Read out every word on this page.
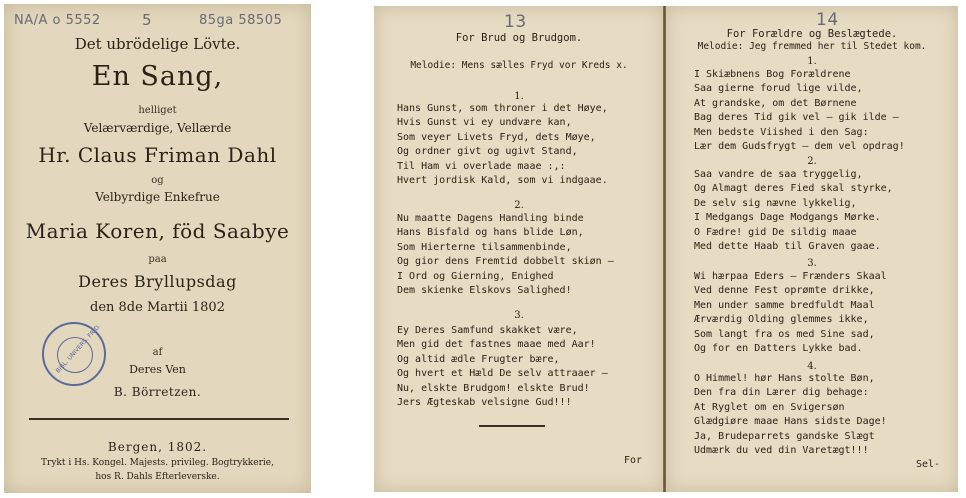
NA/A o 5552	5	85ga 58505
Det ubrödelige Lövte.
En Sang,
helliget
Velærværdige, Vellærde
Hr. Claus Friman Dahl
og
Velbyrdige Enkefrue
Maria Koren, föd Saabye
paa
Deres Bryllupsdag
den 8de Martii 1802
af
Deres Ven
B. Börretzen.
BIBL. UNIVERS. FRID.
Bergen, 1802.
Trykt i Hs. Kongel. Majests. privileg. Bogtrykkerie,
hos R. Dahls Efterleverske.
13
For Brud og Brudgom.
Melodie: Mens sælles Fryd vor Kreds x.
1.
Hans Gunst, som throner i det Høye,
Hvis Gunst vi ey undvære kan,
Som veyer Livets Fryd, dets Møye,
Og ordner givt og ugivt Stand,
Til Ham vi overlade maae :,:
Hvert jordisk Kald, som vi indgaae.
2.
Nu maatte Dagens Handling binde
Hans Bisfald og hans blide Løn,
Som Hierterne tilsammenbinde,
Og gior dens Fremtid dobbelt skiøn —
I Ord og Gierning, Enighed
Dem skienke Elskovs Salighed!
3.
Ey Deres Samfund skakket være,
Men gid det fastnes maae med Aar!
Og altid ædle Frugter bære,
Og hvert et Hæld De selv attraaer —
Nu, elskte Brudgom! elskte Brud!
Jers Ægteskab velsigne Gud!!!
For
14
For Forældre og Beslægtede.
Melodie: Jeg fremmed her til Stedet kom.
1.
I Skiæbnens Bog Forældrene
Saa gierne forud lige vilde,
At grandske, om det Børnene
Bag deres Tid gik vel — gik ilde —
Men bedste Viished i den Sag:
Lær dem Gudsfrygt — dem vel opdrag!
2.
Saa vandre de saa tryggelig,
Og Almagt deres Fied skal styrke,
De selv sig nævne lykkelig,
I Medgangs Dage Modgangs Mørke.
O Fædre! gid De sildig maae
Med dette Haab til Graven gaae.
3.
Wi hærpaa Eders — Frænders Skaal
Ved denne Fest oprømte drikke,
Men under samme bredfuldt Maal
Ærværdig Olding glemmes ikke,
Som langt fra os med Sine sad,
Og for en Datters Lykke bad.
4.
O Himmel! hør Hans stolte Bøn,
Den fra din Lærer dig behage:
At Ryglet om en Svigersøn
Glædgiøre maae Hans sidste Dage!
Ja, Brudeparrets gandske Slægt
Udmærk du ved din Varetægt!!!
Sel-
